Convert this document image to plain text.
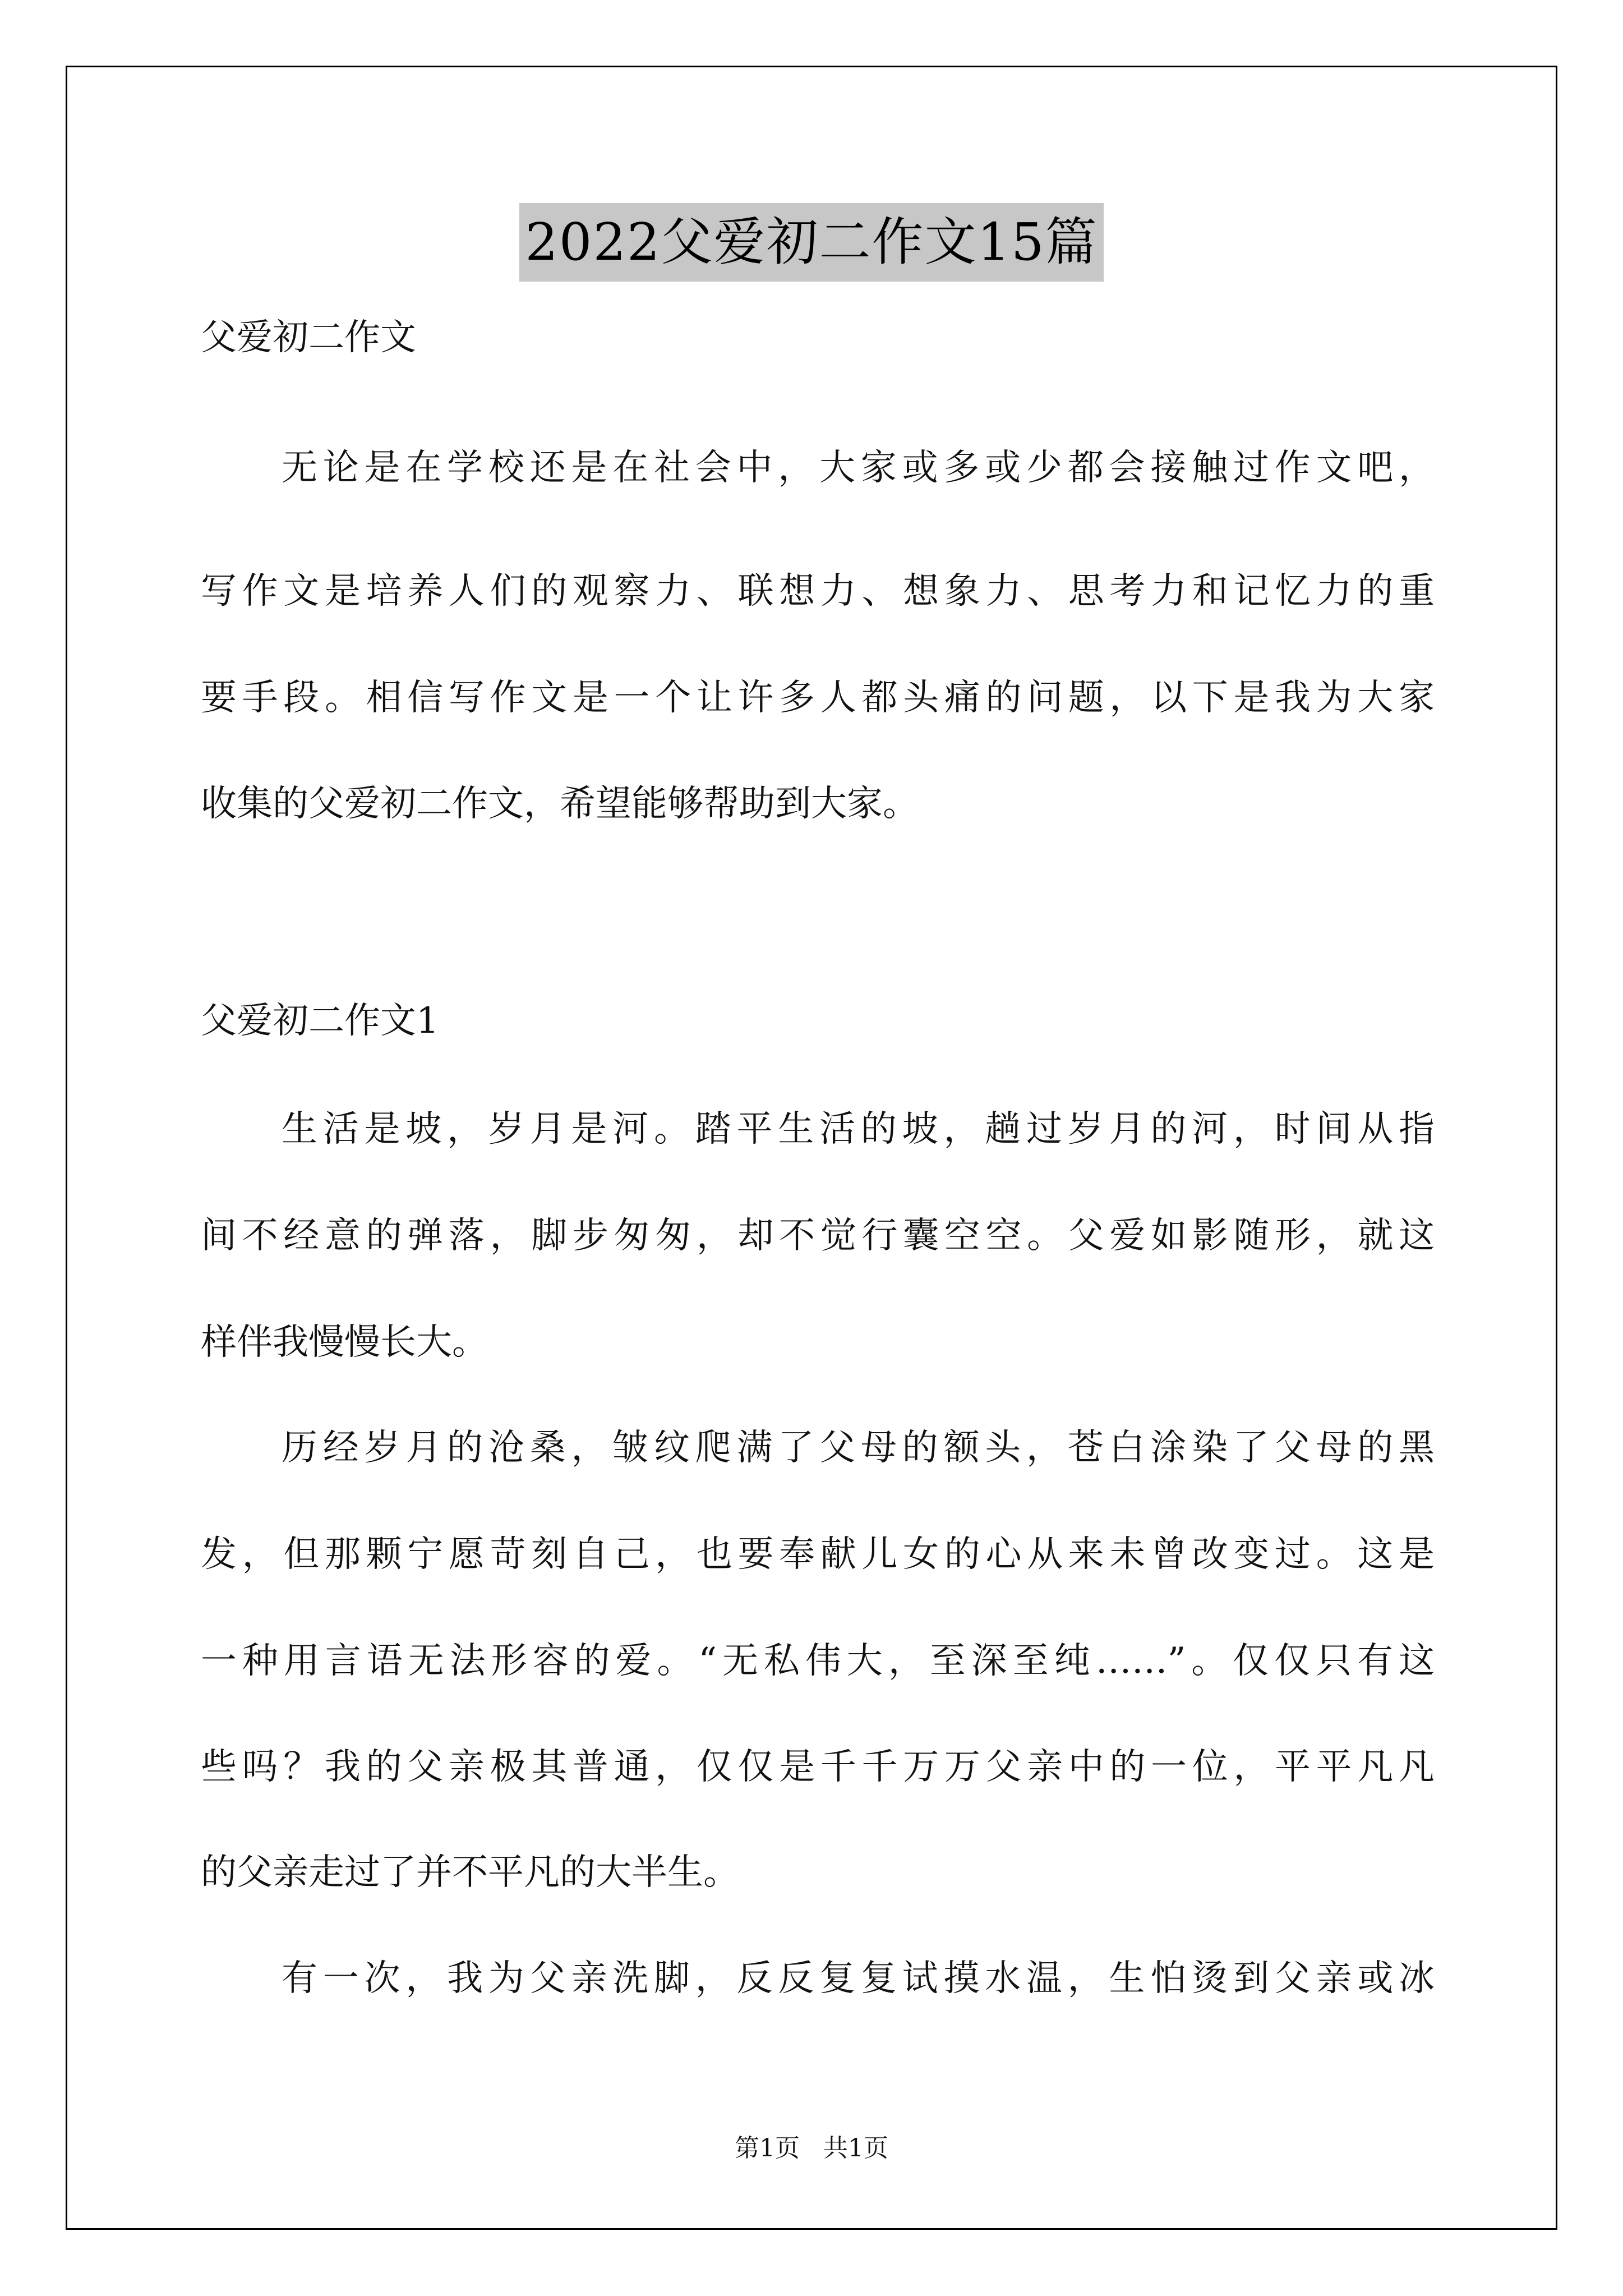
2022父爱初二作文15篇
父爱初二作文
无论是在学校还是在社会中，大家或多或少都会接触过作文吧，
写作文是培养人们的观察力、联想力、想象力、思考力和记忆力的重
要手段。相信写作文是一个让许多人都头痛的问题，以下是我为大家
收集的父爱初二作文，希望能够帮助到大家。
父爱初二作文1
生活是坡，岁月是河。踏平生活的坡，趟过岁月的河，时间从指
间不经意的弹落，脚步匆匆，却不觉行囊空空。父爱如影随形，就这
样伴我慢慢长大。
历经岁月的沧桑，皱纹爬满了父母的额头，苍白涂染了父母的黑
发，但那颗宁愿苛刻自己，也要奉献儿女的心从来未曾改变过。这是
一种用言语无法形容的爱。“无私伟大，至深至纯……”。仅仅只有这
些吗？我的父亲极其普通，仅仅是千千万万父亲中的一位，平平凡凡
的父亲走过了并不平凡的大半生。
有一次，我为父亲洗脚，反反复复试摸水温，生怕烫到父亲或冰
第1页   共1页
